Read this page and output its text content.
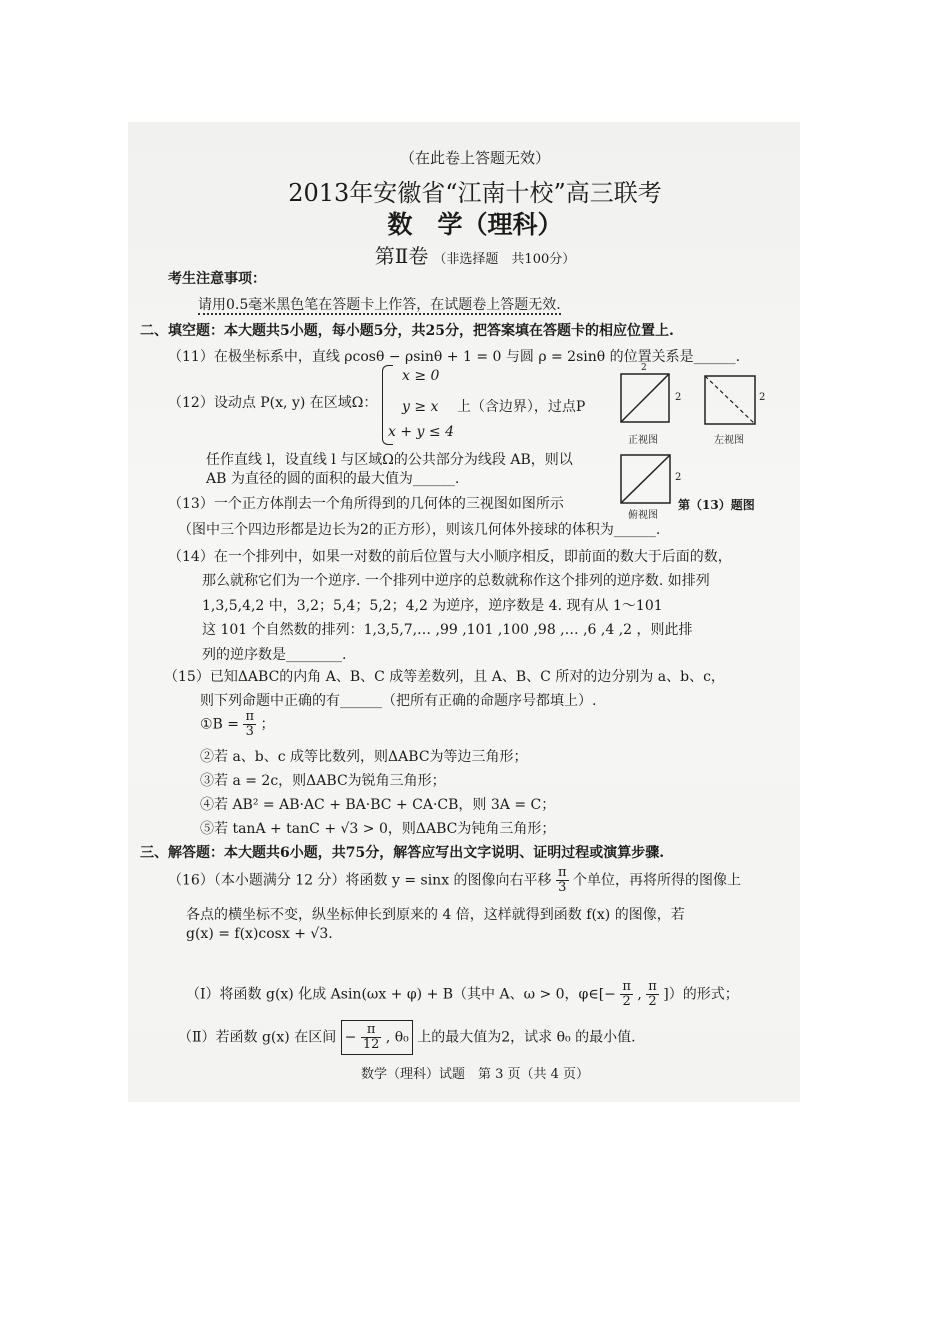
（在此卷上答题无效）
2013年安徽省“江南十校”高三联考
数　学（理科）
第Ⅱ卷 （非选择题　共100分）
考生注意事项：
请用0.5毫米黑色笔在答题卡上作答，在试题卷上答题无效.
二、填空题：本大题共5小题，每小题5分，共25分，把答案填在答题卡的相应位置上.
（11）在极坐标系中，直线 ρcosθ − ρsinθ + 1 = 0 与圆 ρ = 2sinθ 的位置关系是______.
（12）设动点 P(x, y) 在区域Ω：
x ≥ 0
y ≥ x 上（含边界），过点P
x + y ≤ 4
任作直线 l，设直线 l 与区域Ω的公共部分为线段 AB，则以
AB 为直径的圆的面积的最大值为______.
2
2	2
2
正视图	左视图
俯视图
第（13）题图
（13）一个正方体削去一个角所得到的几何体的三视图如图所示
（图中三个四边形都是边长为2的正方形），则该几何体外接球的体积为______.
（14）在一个排列中，如果一对数的前后位置与大小顺序相反，即前面的数大于后面的数，
那么就称它们为一个逆序. 一个排列中逆序的总数就称作这个排列的逆序数. 如排列
1,3,5,4,2 中，3,2；5,4；5,2；4,2 为逆序，逆序数是 4. 现有从 1～101
这 101 个自然数的排列：1,3,5,7,… ,99 ,101 ,100 ,98 ,… ,6 ,4 ,2 ，则此排
列的逆序数是________.
（15）已知ΔABC的内角 A、B、C 成等差数列，且 A、B、C 所对的边分别为 a、b、c，
则下列命题中正确的有______（把所有正确的命题序号都填上）.
①B = $\frac{\pi}{3}$ ；
②若 a、b、c 成等比数列，则ΔABC为等边三角形；
③若 a = 2c，则ΔABC为锐角三角形；
④若 AB² = AB·AC + BA·BC + CA·CB，则 3A = C；
⑤若 tanA + tanC + √3 > 0，则ΔABC为钝角三角形；
三、解答题：本大题共6小题，共75分，解答应写出文字说明、证明过程或演算步骤.
（16）（本小题满分 12 分）将函数 y = sinx 的图像向右平移 $\frac{\pi}{3}$ 个单位，再将所得的图像上
各点的横坐标不变，纵坐标伸长到原来的 4 倍，这样就得到函数 f(x) 的图像，若
g(x) = f(x)cosx + √3.
（Ⅰ）将函数 g(x) 化成 Asin(ωx + φ) + B（其中 A、ω > 0，φ∈[− $\frac{\pi}{2}$ , $\frac{\pi}{2}$ ]）的形式；
（Ⅱ）若函数 g(x) 在区间 − $\frac{\pi}{12}$ , θ₀ 上的最大值为2，试求 θ₀ 的最小值.
数学（理科）试题　第 3 页（共 4 页）
